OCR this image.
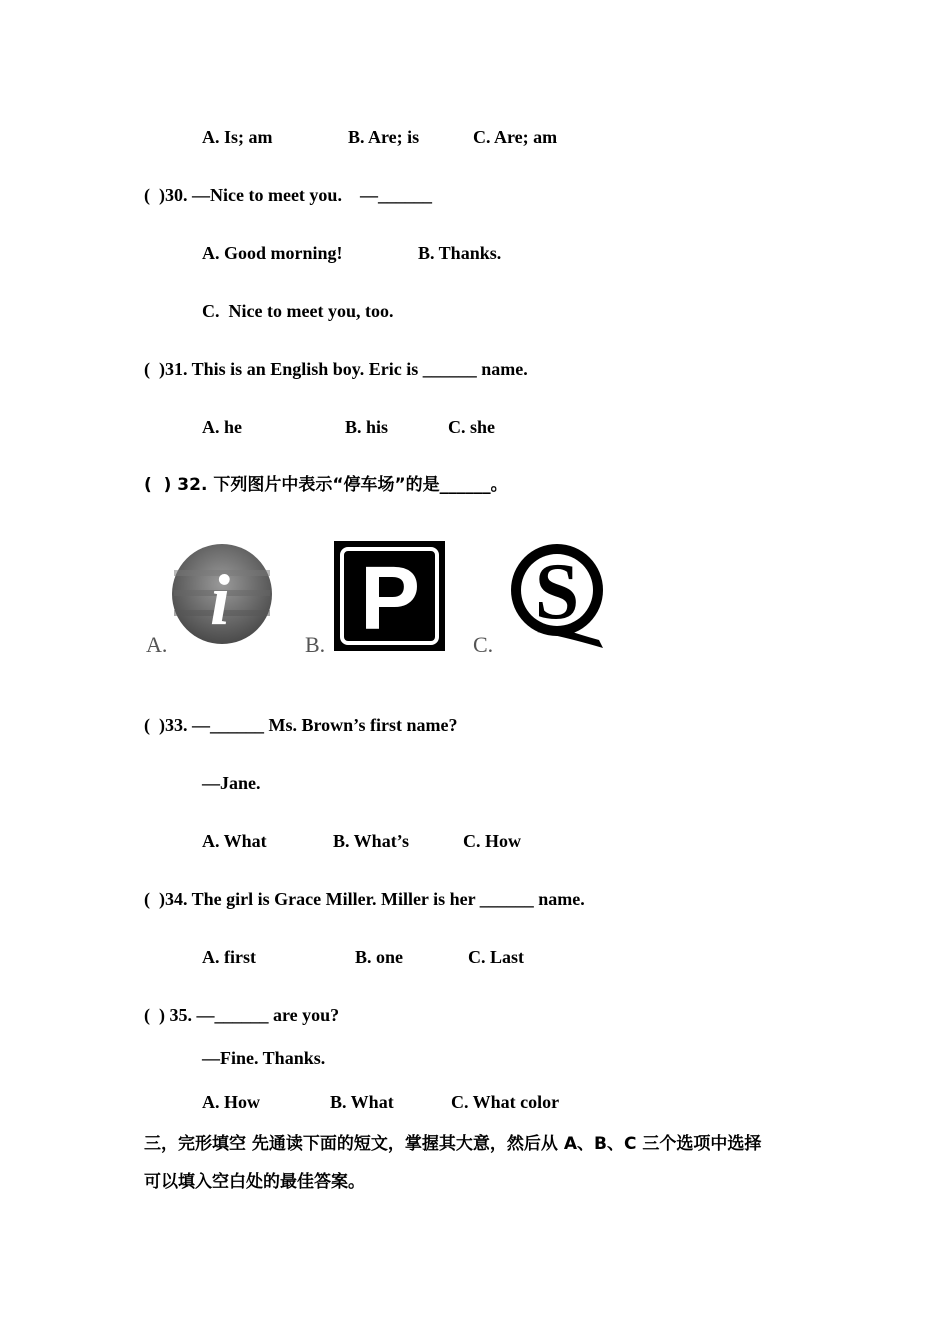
A. Is; am	B. Are; is	C. Are; am
(  )30. —Nice to meet you.    —______
A. Good morning!	B. Thanks.
C.  Nice to meet you, too.
(  )31. This is an English boy. Eric is ______ name.
A. he	B. his	C. she
(  ) 32. 下列图片中表示“停车场”的是______。
A.
i
B. P C.
S
(  )33. —______ Ms. Brown’s first name?
—Jane.
A. What	B. What’s	C. How
(  )34. The girl is Grace Miller. Miller is her ______ name.
A. first	B. one	C. Last
(  ) 35. —______ are you?
—Fine. Thanks.
A. How	B. What	C. What color
三，完形填空 先通读下面的短文，掌握其大意，然后从 A、B、C 三个选项中选择
可以填入空白处的最佳答案。
